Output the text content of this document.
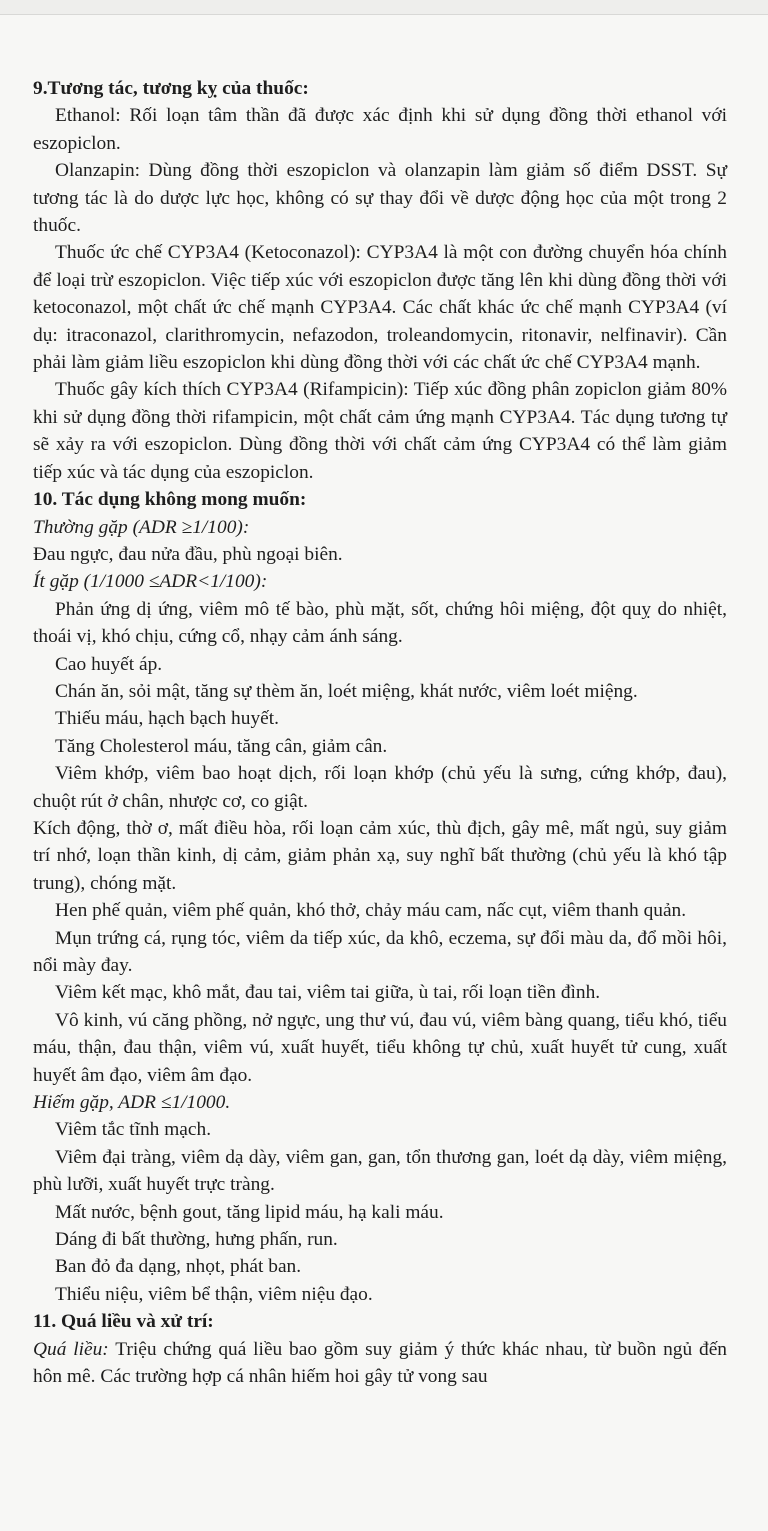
9.Tương tác, tương kỵ của thuốc:

Ethanol: Rối loạn tâm thần đã được xác định khi sử dụng đồng thời ethanol với eszopiclon.

Olanzapin: Dùng đồng thời eszopiclon và olanzapin làm giảm số điểm DSST. Sự tương tác là do dược lực học, không có sự thay đổi về dược động học của một trong 2 thuốc.

Thuốc ức chế CYP3A4 (Ketoconazol): CYP3A4 là một con đường chuyển hóa chính để loại trừ eszopiclon. Việc tiếp xúc với eszopiclon được tăng lên khi dùng đồng thời với ketoconazol, một chất ức chế mạnh CYP3A4. Các chất khác ức chế mạnh CYP3A4 (ví dụ: itraconazol, clarithromycin, nefazodon, troleandomycin, ritonavir, nelfinavir). Cần phải làm giảm liều eszopiclon khi dùng đồng thời với các chất ức chế CYP3A4 mạnh.

Thuốc gây kích thích CYP3A4 (Rifampicin): Tiếp xúc đồng phân zopiclon giảm 80% khi sử dụng đồng thời rifampicin, một chất cảm ứng mạnh CYP3A4. Tác dụng tương tự sẽ xảy ra với eszopiclon. Dùng đồng thời với chất cảm ứng CYP3A4 có thể làm giảm tiếp xúc và tác dụng của eszopiclon.

10. Tác dụng không mong muốn:

Thường gặp (ADR ≥1/100):

Đau ngực, đau nửa đầu, phù ngoại biên.

Ít gặp (1/1000 ≤ADR<1/100):

Phản ứng dị ứng, viêm mô tế bào, phù mặt, sốt, chứng hôi miệng, đột quỵ do nhiệt, thoái vị, khó chịu, cứng cổ, nhạy cảm ánh sáng.

Cao huyết áp.

Chán ăn, sỏi mật, tăng sự thèm ăn, loét miệng, khát nước, viêm loét miệng.

Thiếu máu, hạch bạch huyết.

Tăng Cholesterol máu, tăng cân, giảm cân.

Viêm khớp, viêm bao hoạt dịch, rối loạn khớp (chủ yếu là sưng, cứng khớp, đau), chuột rút ở chân, nhược cơ, co giật.

Kích động, thờ ơ, mất điều hòa, rối loạn cảm xúc, thù địch, gây mê, mất ngủ, suy giảm trí nhớ, loạn thần kinh, dị cảm, giảm phản xạ, suy nghĩ bất thường (chủ yếu là khó tập trung), chóng mặt.

Hen phế quản, viêm phế quản, khó thở, chảy máu cam, nấc cụt, viêm thanh quản.

Mụn trứng cá, rụng tóc, viêm da tiếp xúc, da khô, eczema, sự đổi màu da, đổ mồi hôi, nổi mày đay.

Viêm kết mạc, khô mắt, đau tai, viêm tai giữa, ù tai, rối loạn tiền đình.

Vô kinh, vú căng phồng, nở ngực, ung thư vú, đau vú, viêm bàng quang, tiểu khó, tiểu máu, thận, đau thận, viêm vú, xuất huyết, tiểu không tự chủ, xuất huyết tử cung, xuất huyết âm đạo, viêm âm đạo.

Hiếm gặp, ADR ≤1/1000.

Viêm tắc tĩnh mạch.

Viêm đại tràng, viêm dạ dày, viêm gan, gan, tổn thương gan, loét dạ dày, viêm miệng, phù lưỡi, xuất huyết trực tràng.

Mất nước, bệnh gout, tăng lipid máu, hạ kali máu.

Dáng đi bất thường, hưng phấn, run.

Ban đỏ đa dạng, nhọt, phát ban.

Thiểu niệu, viêm bể thận, viêm niệu đạo.

11. Quá liều và xử trí:

Quá liều: Triệu chứng quá liều bao gồm suy giảm ý thức khác nhau, từ buồn ngủ đến hôn mê. Các trường hợp cá nhân hiếm hoi gây tử vong sau
